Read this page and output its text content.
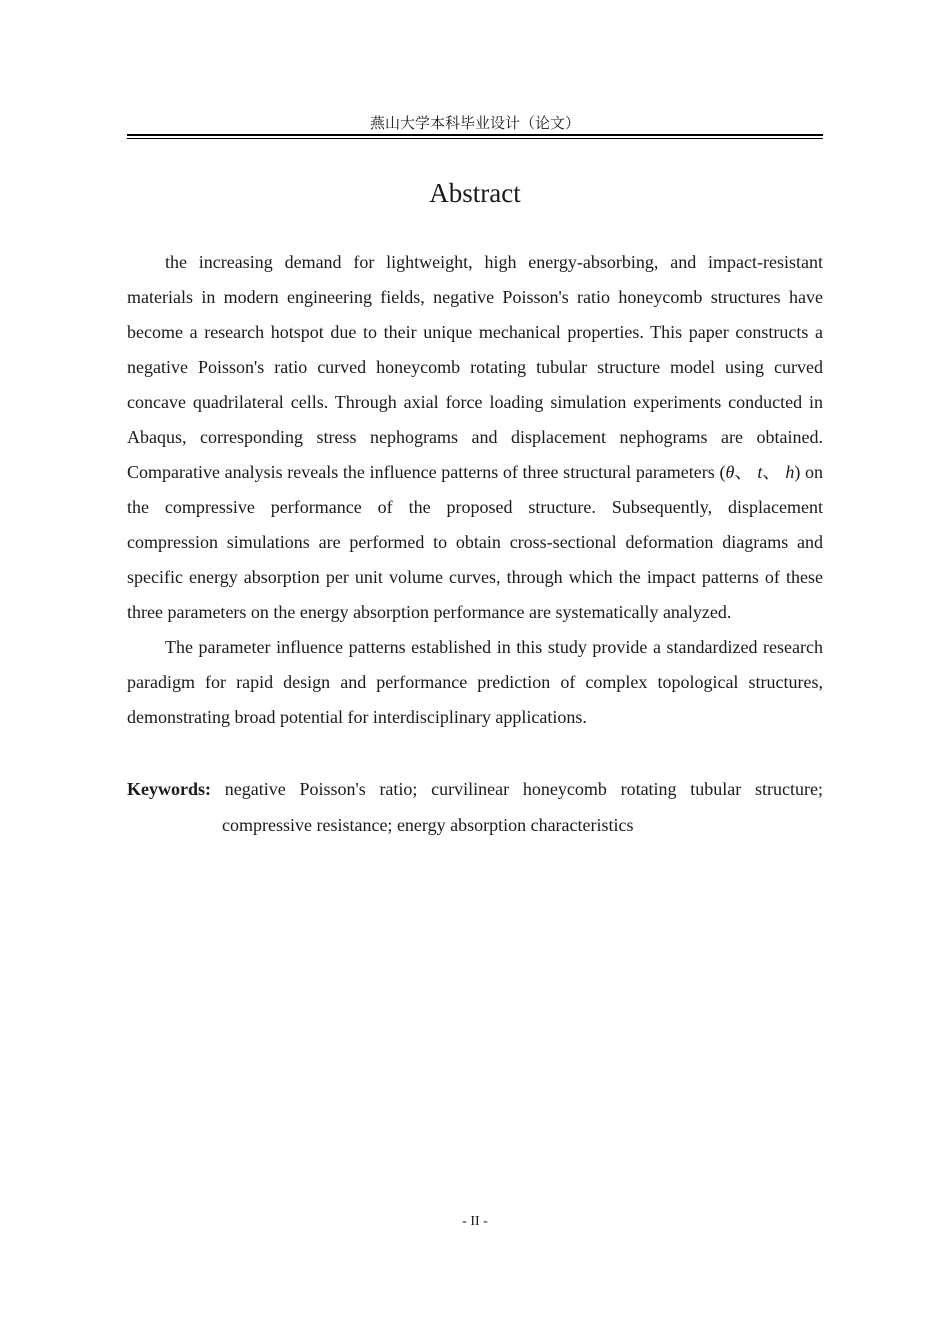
燕山大学本科毕业设计（论文）
Abstract

the increasing demand for lightweight, high energy-absorbing, and impact-resistant materials in modern engineering fields, negative Poisson's ratio honeycomb structures have become a research hotspot due to their unique mechanical properties. This paper constructs a negative Poisson's ratio curved honeycomb rotating tubular structure model using curved concave quadrilateral cells. Through axial force loading simulation experiments conducted in Abaqus, corresponding stress nephograms and displacement nephograms are obtained. Comparative analysis reveals the influence patterns of three structural parameters (θ、 t、 h) on the compressive performance of the proposed structure. Subsequently, displacement compression simulations are performed to obtain cross-sectional deformation diagrams and specific energy absorption per unit volume curves, through which the impact patterns of these three parameters on the energy absorption performance are systematically analyzed.

The parameter influence patterns established in this study provide a standardized research paradigm for rapid design and performance prediction of complex topological structures, demonstrating broad potential for interdisciplinary applications.

Keywords: negative Poisson's ratio; curvilinear honeycomb rotating tubular structure; compressive resistance; energy absorption characteristics
- II -
